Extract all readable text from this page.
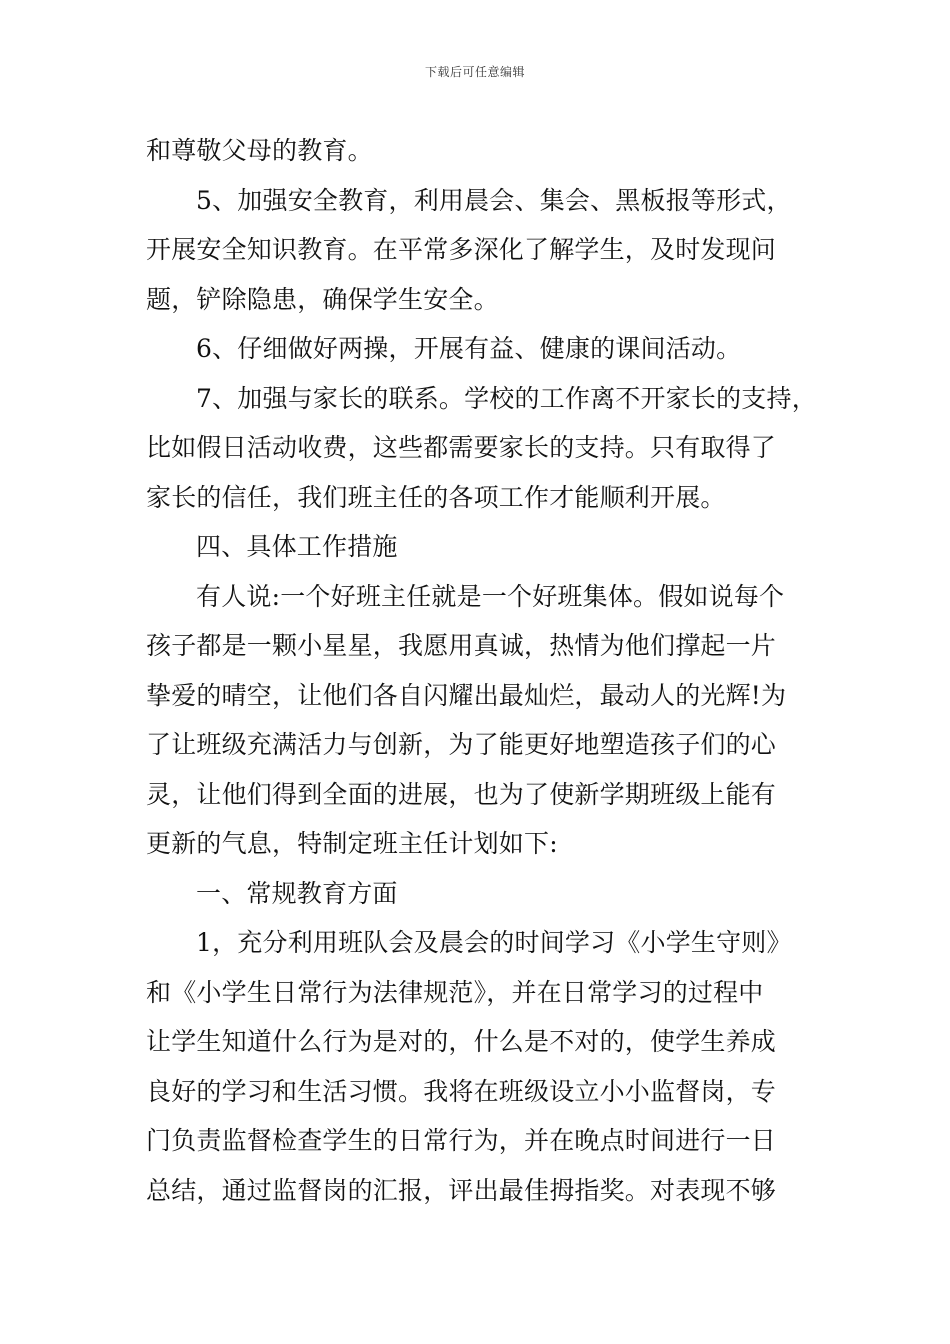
下载后可任意编辑
和尊敬父母的教育。
5、加强安全教育，利用晨会、集会、黑板报等形式，
开展安全知识教育。在平常多深化了解学生，及时发现问
题，铲除隐患，确保学生安全。
6、仔细做好两操，开展有益、健康的课间活动。
7、加强与家长的联系。学校的工作离不开家长的支持，
比如假日活动收费，这些都需要家长的支持。只有取得了
家长的信任，我们班主任的各项工作才能顺利开展。
四、具体工作措施
有人说:一个好班主任就是一个好班集体。假如说每个
孩子都是一颗小星星，我愿用真诚，热情为他们撑起一片
挚爱的晴空，让他们各自闪耀出最灿烂，最动人的光辉!为
了让班级充满活力与创新，为了能更好地塑造孩子们的心
灵，让他们得到全面的进展，也为了使新学期班级上能有
更新的气息，特制定班主任计划如下:
一、常规教育方面
1，充分利用班队会及晨会的时间学习《小学生守则》
和《小学生日常行为法律规范》，并在日常学习的过程中
让学生知道什么行为是对的，什么是不对的，使学生养成
良好的学习和生活习惯。我将在班级设立小小监督岗，专
门负责监督检查学生的日常行为，并在晚点时间进行一日
总结，通过监督岗的汇报，评出最佳拇指奖。对表现不够
